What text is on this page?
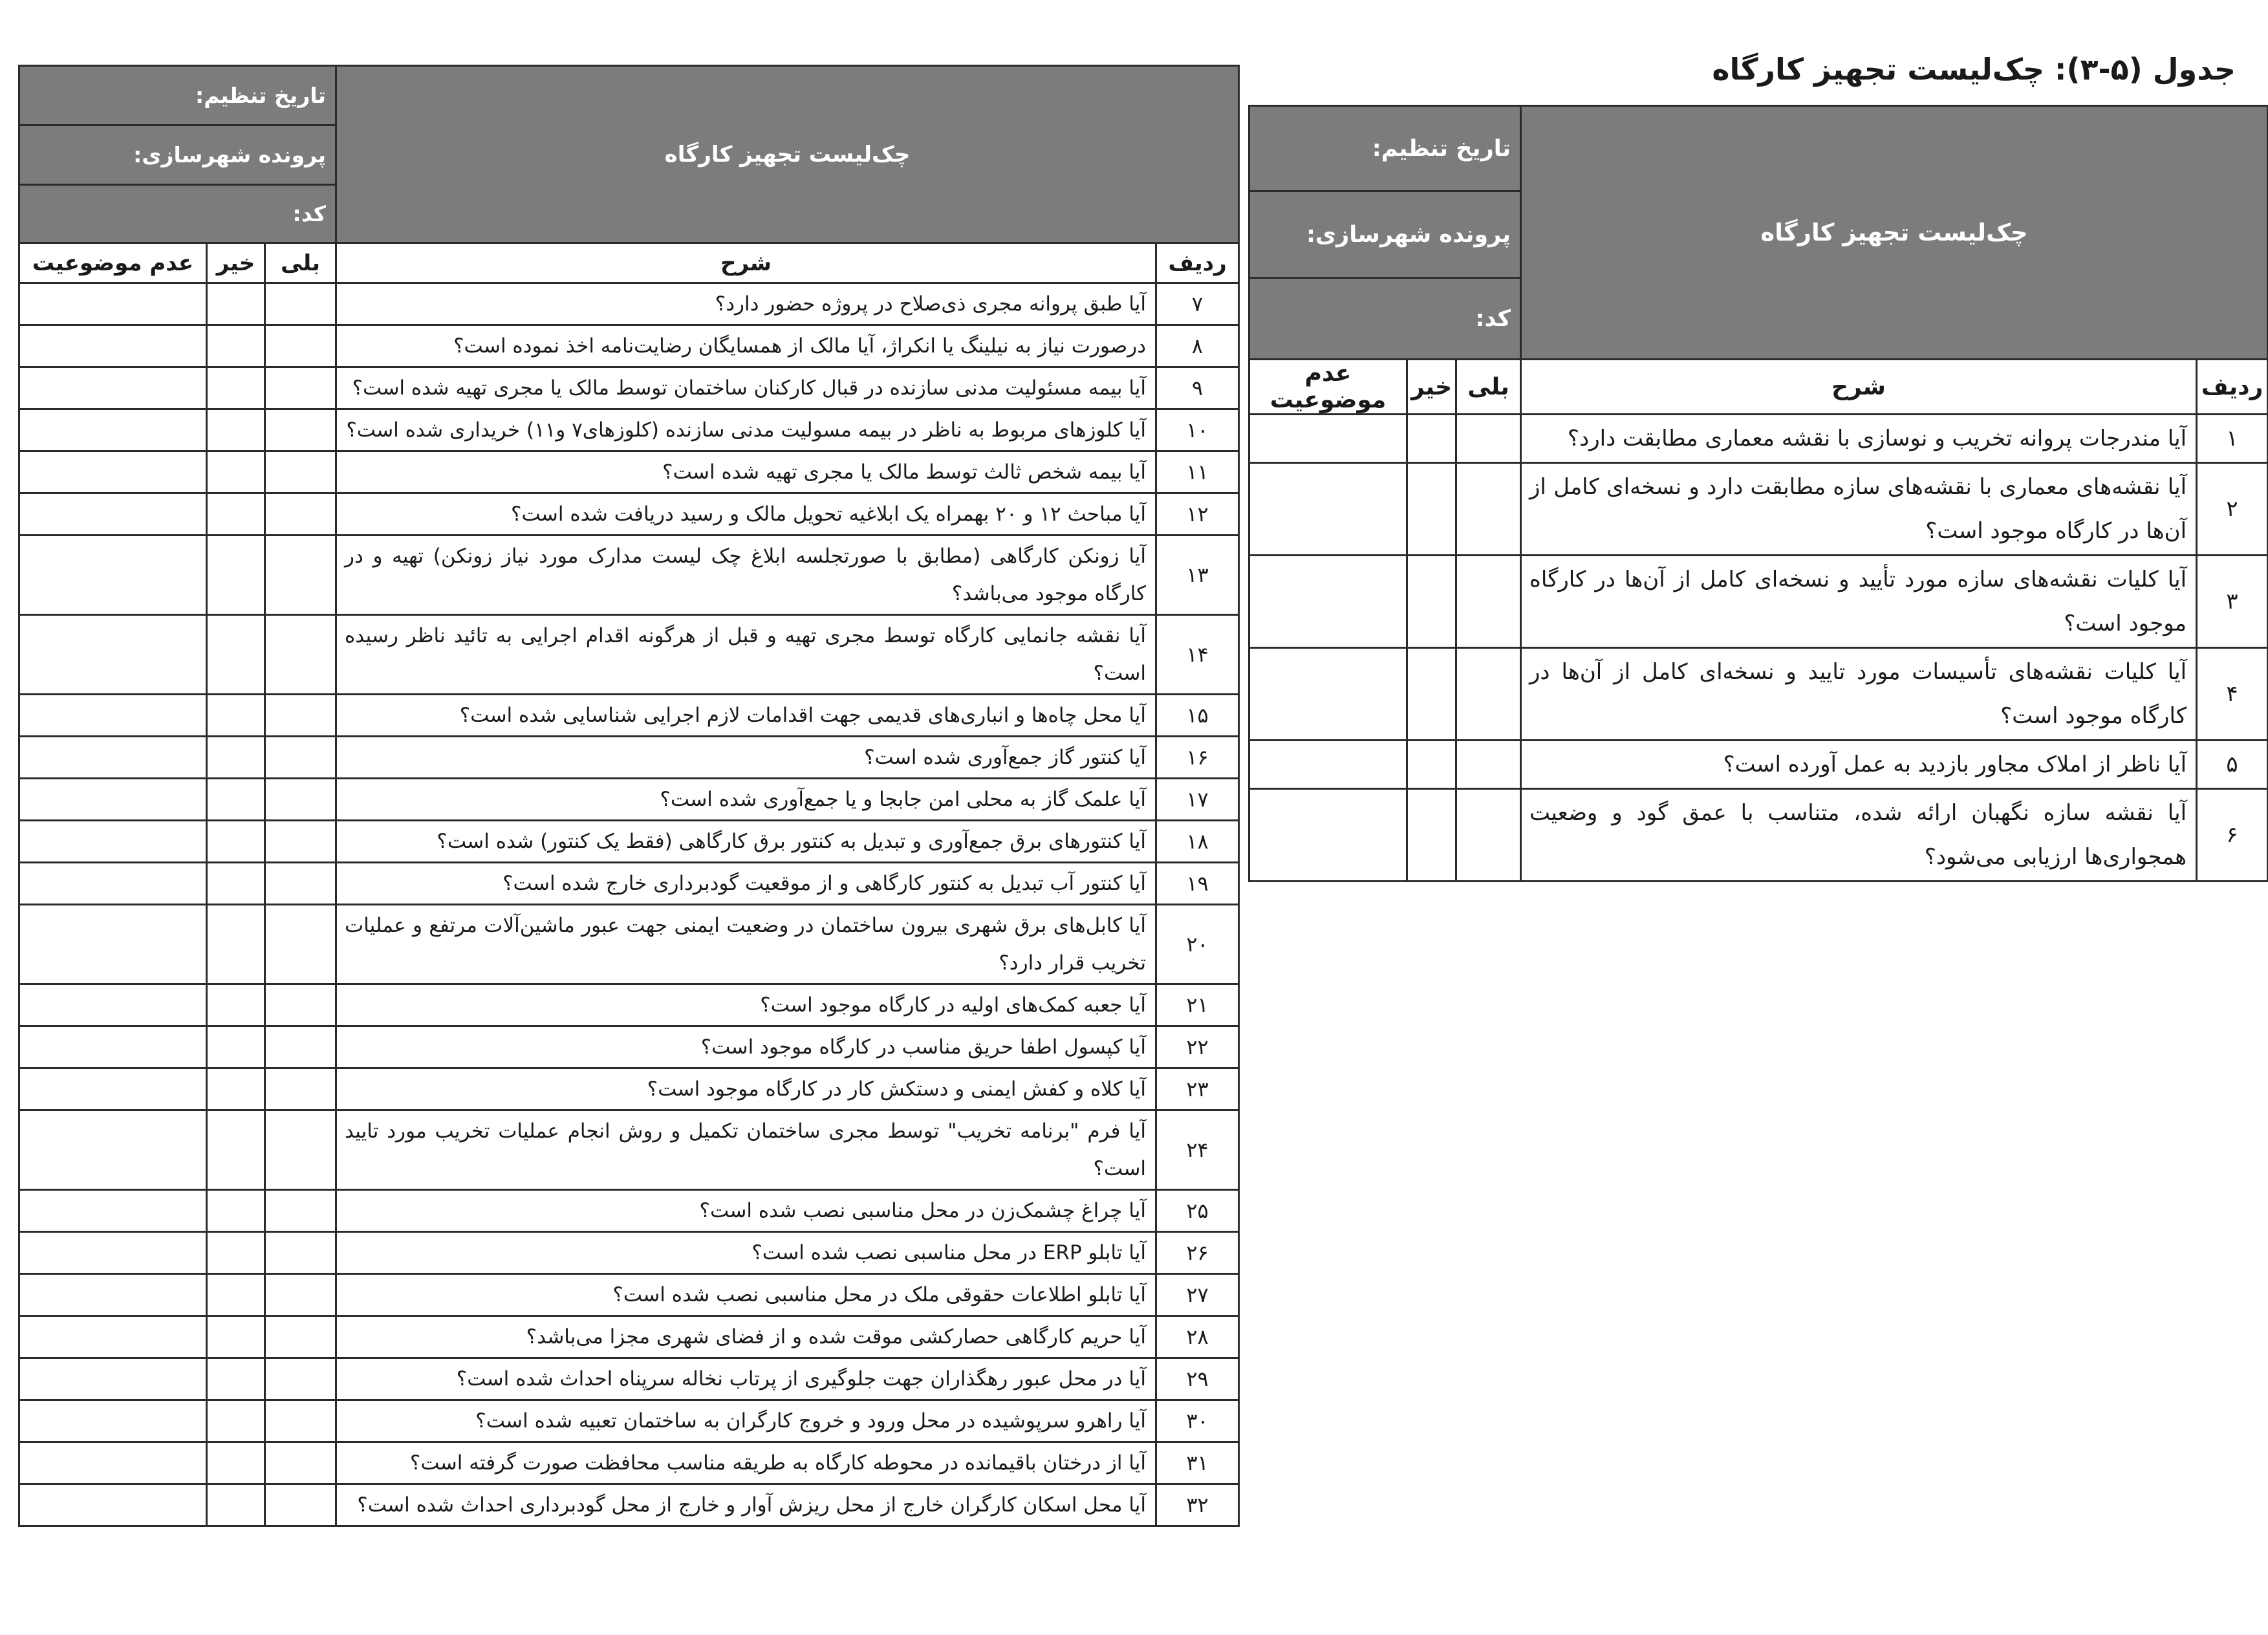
جدول (۵-۳): چک‌لیست تجهیز کارگاه
چک‌لیست تجهیز کارگاه		تاریخ تنظیم:		
		پرونده شهرسازی:		
		کد:		
ردیف	شرح	بلی	خیر	عدم موضوعیت
۷	آیا طبق پروانه مجری ذی‌صلاح در پروژه حضور دارد؟			
۸	درصورت نیاز به نیلینگ یا انکراژ، آیا مالک از همسایگان رضایت‌نامه اخذ نموده است؟			
۹	آیا بیمه مسئولیت مدنی سازنده در قبال کارکنان ساختمان توسط مالک یا مجری تهیه شده است؟			
۱۰	آیا کلوزهای مربوط به ناظر در بیمه مسولیت مدنی سازنده (کلوزهای۷ و۱۱) خریداری شده است؟			
۱۱	آیا بیمه شخص ثالث توسط مالک یا مجری تهیه شده است؟			
۱۲	آیا مباحث ۱۲ و ۲۰ بهمراه یک ابلاغیه تحویل مالک و رسید دریافت شده است؟			
۱۳	آیا زونکن کارگاهی (مطابق با صورتجلسه ابلاغ چک لیست مدارک مورد نیاز زونکن) تهیه و در کارگاه موجود می‌باشد؟			
۱۴	آیا نقشه جانمایی کارگاه توسط مجری تهیه و قبل از هرگونه اقدام اجرایی به تائید ناظر رسیده است؟			
۱۵	آیا محل چاه‌ها و انباری‌های قدیمی جهت اقدامات لازم اجرایی شناسایی شده است؟			
۱۶	آیا کنتور گاز جمع‌آوری شده است؟			
۱۷	آیا علمک گاز به محلی امن جابجا و یا جمع‌آوری شده است؟			
۱۸	آیا کنتورهای برق جمع‌آوری و تبدیل به کنتور برق کارگاهی (فقط یک کنتور) شده است؟			
۱۹	آیا کنتور آب تبدیل به کنتور کارگاهی و از موقعیت گودبرداری خارج شده است؟			
۲۰	آیا کابل‌های برق شهری بیرون ساختمان در وضعیت ایمنی جهت عبور ماشین‌آلات مرتفع و عملیات تخریب قرار دارد؟			
۲۱	آیا جعبه کمک‌های اولیه در کارگاه موجود است؟			
۲۲	آیا کپسول اطفا حریق مناسب در کارگاه موجود است؟			
۲۳	آیا کلاه و کفش ایمنی و دستکش کار در کارگاه موجود است؟			
۲۴	آیا فرم "برنامه تخریب" توسط مجری ساختمان تکمیل و روش انجام عملیات تخریب مورد تایید است؟			
۲۵	آیا چراغ چشمک‌زن در محل مناسبی نصب شده است؟			
۲۶	آیا تابلو ERP در محل مناسبی نصب شده است؟			
۲۷	آیا تابلو اطلاعات حقوقی ملک در محل مناسبی نصب شده است؟			
۲۸	آیا حریم کارگاهی حصارکشی موقت شده و از فضای شهری مجزا می‌باشد؟			
۲۹	آیا در محل عبور رهگذاران جهت جلوگیری از پرتاب نخاله سرپناه احداث شده است؟			
۳۰	آیا راهرو سرپوشیده در محل ورود و خروج کارگران به ساختمان تعبیه شده است؟			
۳۱	آیا از درختان باقیمانده در محوطه کارگاه به طریقه مناسب محافظت صورت گرفته است؟			
۳۲	آیا محل اسکان کارگران خارج از محل ریزش آوار و خارج از محل گودبرداری احداث شده است؟			
چک‌لیست تجهیز کارگاه		تاریخ تنظیم:		
		پرونده شهرسازی:		
		کد:		
ردیف	شرح	بلی	خیر	عدم موضوعیت
۱	آیا مندرجات پروانه تخریب و نوسازی با نقشه معماری مطابقت دارد؟			
۲	آیا نقشه‌های معماری با نقشه‌های سازه مطابقت دارد و نسخه‌ای کامل از آن‌ها در کارگاه موجود است؟			
۳	آیا کلیات نقشه‌های سازه مورد تأیید و نسخه‌ای کامل از آن‌ها در کارگاه موجود است؟			
۴	آیا کلیات نقشه‌های تأسیسات مورد تایید و نسخه‌ای کامل از آن‌ها در کارگاه موجود است؟			
۵	آیا ناظر از املاک مجاور بازدید به عمل آورده است؟			
۶	آیا نقشه سازه نگهبان ارائه شده، متناسب با عمق گود و وضعیت همجواری‌ها ارزیابی می‌شود؟			
